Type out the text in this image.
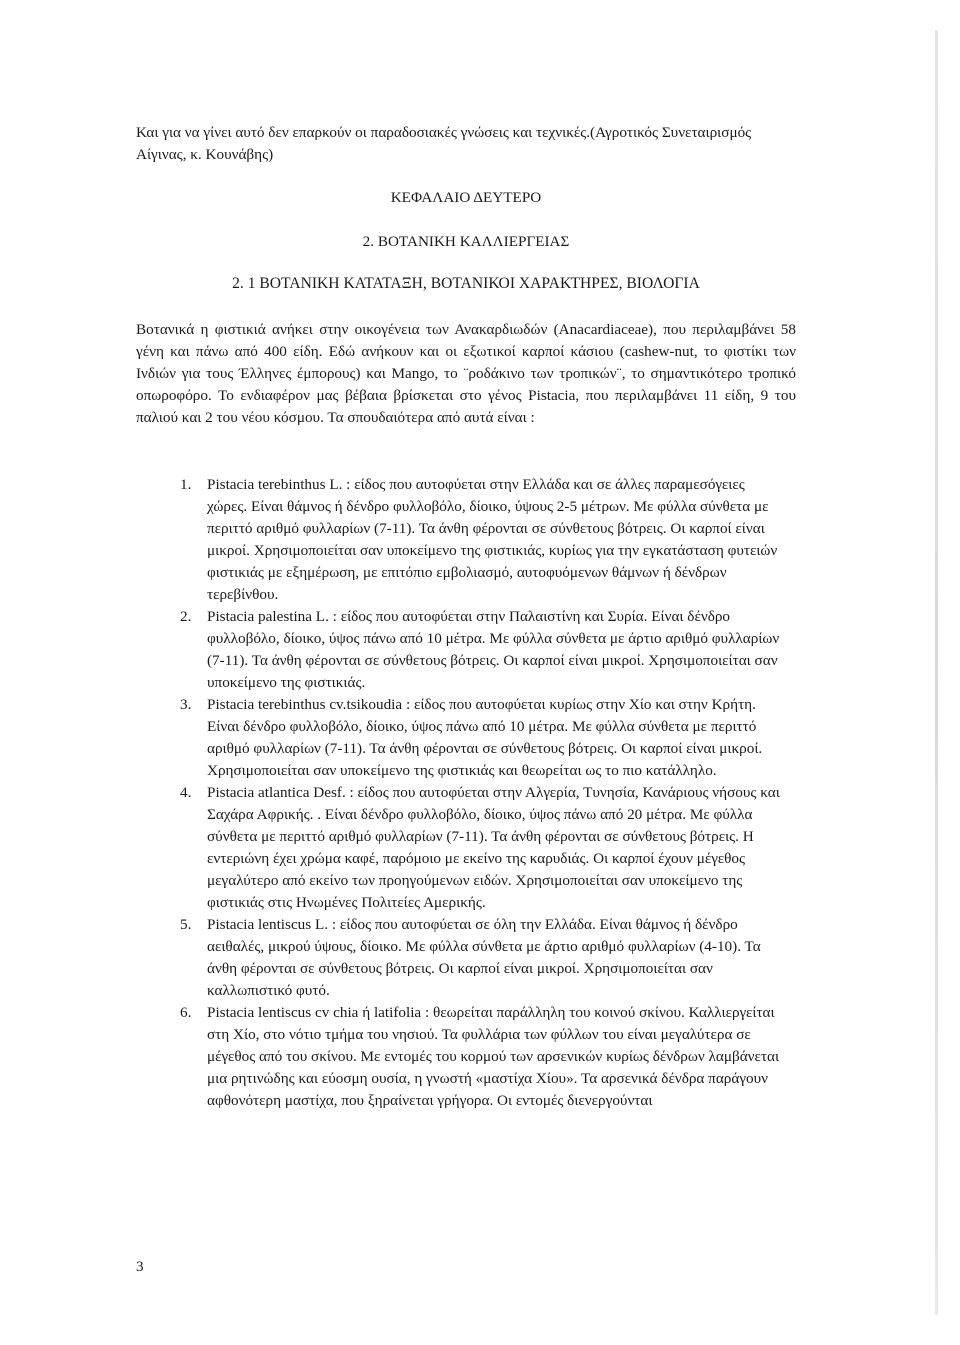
Και για να γίνει αυτό δεν επαρκούν οι παραδοσιακές γνώσεις και τεχνικές.(Αγροτικός Συνεταιρισμός Αίγινας, κ. Κουνάβης)
ΚΕΦΑΛΑΙΟ ΔΕΥΤΕΡΟ
2. ΒΟΤΑΝΙΚΗ ΚΑΛΛΙΕΡΓΕΙΑΣ
2. 1 ΒΟΤΑΝΙΚΗ ΚΑΤΑΤΑΞΗ, ΒΟΤΑΝΙΚΟΙ ΧΑΡΑΚΤΗΡΕΣ, ΒΙΟΛΟΓΙΑ
Βοτανικά η φιστικιά ανήκει στην οικογένεια των Ανακαρδιωδών (Anacardiaceae), που περιλαμβάνει 58 γένη και πάνω από 400 είδη. Εδώ ανήκουν και οι εξωτικοί καρποί κάσιου (cashew-nut, το φιστίκι των Ινδιών για τους Έλληνες έμπορους) και Mango, το ¨ροδάκινο των τροπικών¨, το σημαντικότερο τροπικό οπωροφόρο. Το ενδιαφέρον μας βέβαια βρίσκεται στο γένος Pistacia, που περιλαμβάνει 11 είδη, 9 του παλιού και 2 του νέου κόσμου. Τα σπουδαιότερα από αυτά είναι :
1. Pistacia terebinthus L. : είδος που αυτοφύεται στην Ελλάδα και σε άλλες παραμεσόγειες χώρες. Είναι θάμνος ή δένδρο φυλλοβόλο, δίοικο, ύψους 2-5 μέτρων. Με φύλλα σύνθετα με περιττό αριθμό φυλλαρίων (7-11). Τα άνθη φέρονται σε σύνθετους βότρεις. Οι καρποί είναι μικροί. Χρησιμοποιείται σαν υποκείμενο της φιστικιάς, κυρίως για την εγκατάσταση φυτειών φιστικιάς με εξημέρωση, με επιτόπιο εμβολιασμό, αυτοφυόμενων θάμνων ή δένδρων τερεβίνθου.
2. Pistacia palestina L. : είδος που αυτοφύεται στην Παλαιστίνη και Συρία. Είναι δένδρο φυλλοβόλο, δίοικο, ύψος πάνω από 10 μέτρα. Με φύλλα σύνθετα με άρτιο αριθμό φυλλαρίων (7-11). Τα άνθη φέρονται σε σύνθετους βότρεις. Οι καρποί είναι μικροί. Χρησιμοποιείται σαν υποκείμενο της φιστικιάς.
3. Pistacia terebinthus cv.tsikoudia : είδος που αυτοφύεται κυρίως στην Χίο και στην Κρήτη. Είναι δένδρο φυλλοβόλο, δίοικο, ύψος πάνω από 10 μέτρα. Με φύλλα σύνθετα με περιττό αριθμό φυλλαρίων (7-11). Τα άνθη φέρονται σε σύνθετους βότρεις. Οι καρποί είναι μικροί. Χρησιμοποιείται σαν υποκείμενο της φιστικιάς και θεωρείται ως το πιο κατάλληλο.
4. Pistacia atlantica Desf. : είδος που αυτοφύεται στην Αλγερία, Τυνησία, Κανάριους νήσους και Σαχάρα Αφρικής. . Είναι δένδρο φυλλοβόλο, δίοικο, ύψος πάνω από 20 μέτρα. Με φύλλα σύνθετα με περιττό αριθμό φυλλαρίων (7-11). Τα άνθη φέρονται σε σύνθετους βότρεις. Η εντεριώνη έχει χρώμα καφέ, παρόμοιο με εκείνο της καρυδιάς. Οι καρποί έχουν μέγεθος μεγαλύτερο από εκείνο των προηγούμενων ειδών. Χρησιμοποιείται σαν υποκείμενο της φιστικιάς στις Ηνωμένες Πολιτείες Αμερικής.
5. Pistacia lentiscus L. : είδος που αυτοφύεται σε όλη την Ελλάδα. Είναι θάμνος ή δένδρο αειθαλές, μικρού ύψους, δίοικο. Με φύλλα σύνθετα με άρτιο αριθμό φυλλαρίων (4-10). Τα άνθη φέρονται σε σύνθετους βότρεις. Οι καρποί είναι μικροί. Χρησιμοποιείται σαν καλλωπιστικό φυτό.
6. Pistacia lentiscus cv chia ή latifolia : θεωρείται παράλληλη του κοινού σκίνου. Καλλιεργείται στη Χίο, στο νότιο τμήμα του νησιού. Τα φυλλάρια των φύλλων του είναι μεγαλύτερα σε μέγεθος από του σκίνου. Με εντομές του κορμού των αρσενικών κυρίως δένδρων λαμβάνεται μια ρητινώδης και εύοσμη ουσία, η γνωστή «μαστίχα Χίου». Τα αρσενικά δένδρα παράγουν αφθονότερη μαστίχα, που ξηραίνεται γρήγορα. Οι εντομές διενεργούνται
3
